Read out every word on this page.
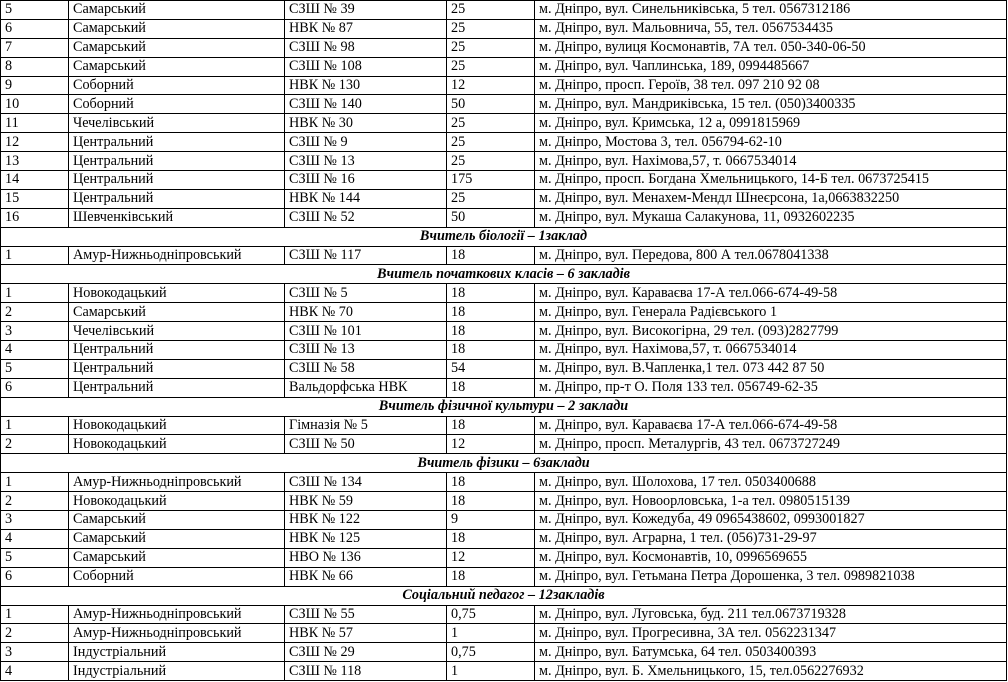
5	Самарський	СЗШ № 39	25	м. Дніпро, вул. Синельниківська, 5 тел. 0567312186
6	Самарський	НВК № 87	25	м. Дніпро, вул. Мальовнича, 55, тел. 0567534435
7	Самарський	СЗШ № 98	25	м. Дніпро, вулиця Космонавтів, 7А тел. 050-340-06-50
8	Самарський	СЗШ № 108	25	м. Дніпро, вул. Чаплинська, 189, 0994485667
9	Соборний	НВК № 130	12	м. Дніпро, просп. Героїв, 38 тел. 097 210 92 08
10	Соборний	СЗШ № 140	50	м. Дніпро, вул. Мандриківська, 15 тел. (050)3400335
11	Чечелівський	НВК № 30	25	м. Дніпро, вул. Кримська, 12 а, 0991815969
12	Центральний	СЗШ № 9	25	м. Дніпро, Мостова 3, тел. 056794-62-10
13	Центральний	СЗШ № 13	25	м. Дніпро, вул. Нахімова,57, т. 0667534014
14	Центральний	СЗШ № 16	175	м. Дніпро, просп. Богдана Хмельницького, 14-Б тел. 0673725415
15	Центральний	НВК № 144	25	м. Дніпро, вул. Менахем-Мендл Шнеєрсона, 1а,0663832250
16	Шевченківський	СЗШ № 52	50	м. Дніпро, вул. Мукаша Салакунова, 11, 0932602235
Вчитель біології – 1заклад				
1	Амур-Нижньодніпровський	СЗШ № 117	18	м. Дніпро, вул. Передова, 800 А тел.0678041338
Вчитель початкових класів – 6 закладів				
1	Новокодацький	СЗШ № 5	18	м. Дніпро, вул. Караваєва 17-А тел.066-674-49-58
2	Самарський	НВК № 70	18	м. Дніпро, вул. Генерала Радієвського 1
3	Чечелівський	СЗШ № 101	18	м. Дніпро, вул. Високогірна, 29 тел. (093)2827799
4	Центральний	СЗШ № 13	18	м. Дніпро, вул. Нахімова,57, т. 0667534014
5	Центральний	СЗШ № 58	54	м. Дніпро, вул. В.Чапленка,1 тел. 073 442 87 50
6	Центральний	Вальдорфська НВК	18	м. Дніпро, пр-т О. Поля 133 тел. 056749-62-35
Вчитель фізичної культури – 2 заклади				
1	Новокодацький	Гімназія № 5	18	м. Дніпро, вул. Караваєва 17-А тел.066-674-49-58
2	Новокодацький	СЗШ № 50	12	м. Дніпро, просп. Металургів, 43 тел. 0673727249
Вчитель фізики – 6заклади				
1	Амур-Нижньодніпровський	СЗШ № 134	18	м. Дніпро, вул. Шолохова, 17 тел. 0503400688
2	Новокодацький	НВК № 59	18	м. Дніпро, вул. Новоорловська, 1-а тел. 0980515139
3	Самарський	НВК № 122	9	м. Дніпро, вул. Кожедуба, 49 0965438602, 0993001827
4	Самарський	НВК № 125	18	м. Дніпро, вул. Аграрна, 1 тел. (056)731-29-97
5	Самарський	НВО № 136	12	м. Дніпро, вул. Космонавтів, 10, 0996569655
6	Соборний	НВК № 66	18	м. Дніпро, вул. Гетьмана Петра Дорошенка, 3 тел. 0989821038
Соціальний педагог – 12закладів				
1	Амур-Нижньодніпровський	СЗШ № 55	0,75	м. Дніпро, вул. Луговська, буд. 211 тел.0673719328
2	Амур-Нижньодніпровський	НВК № 57	1	м. Дніпро, вул. Прогресивна, 3А тел. 0562231347
3	Індустріальний	СЗШ № 29	0,75	м. Дніпро, вул. Батумська, 64 тел. 0503400393
4	Індустріальний	СЗШ № 118	1	м. Дніпро, вул. Б. Хмельницького, 15, тел.0562276932
